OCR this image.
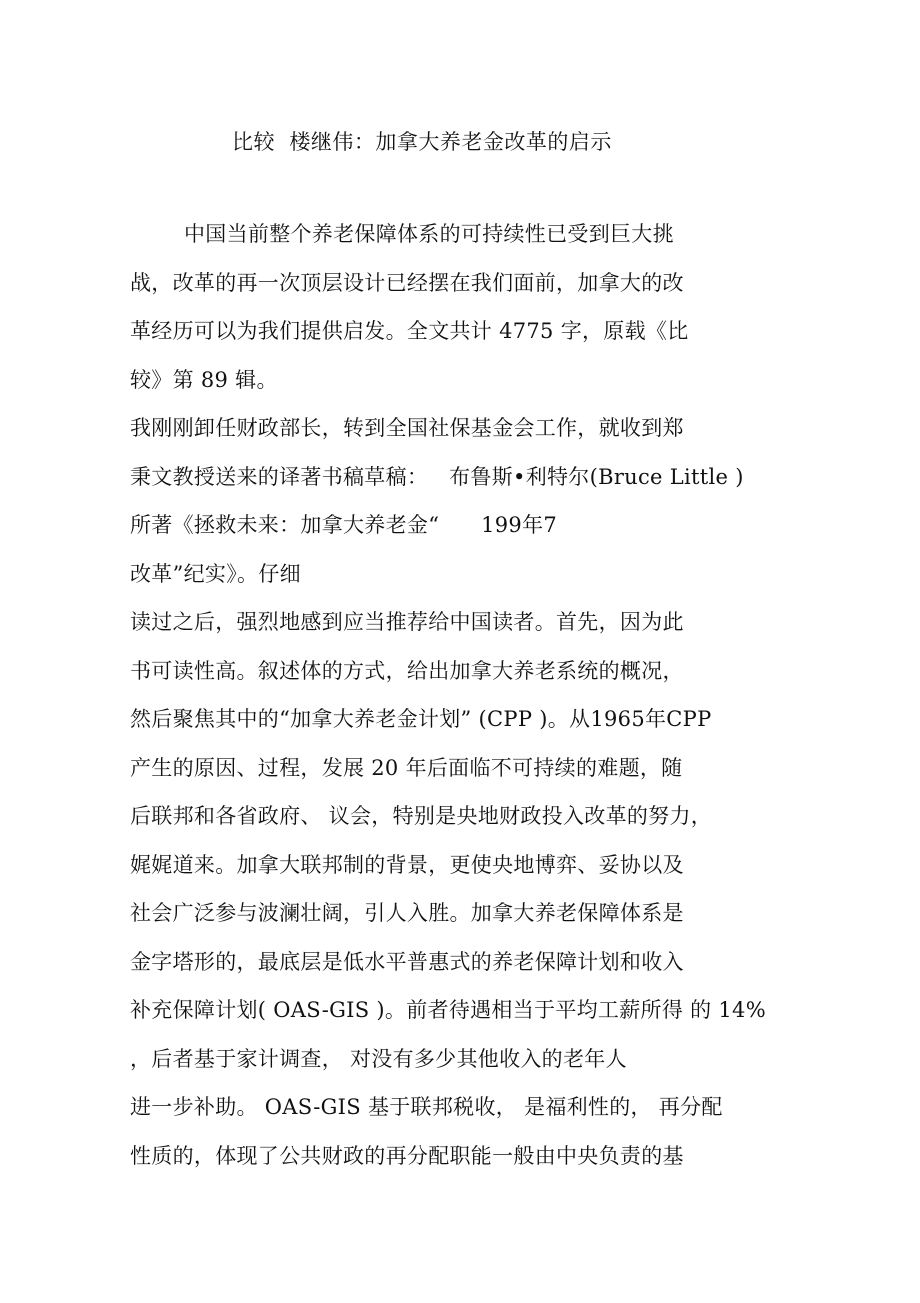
比较  楼继伟：加拿大养老金改革的启示
中国当前整个养老保障体系的可持续性已受到巨大挑
战，改革的再一次顶层设计已经摆在我们面前，加拿大的改
革经历可以为我们提供启发。全文共计 4775 字，原载《比
较》第 89 辑。
我刚刚卸任财政部长，转到全国社保基金会工作，就收到郑
秉文教授送来的译著书稿草稿：   布鲁斯•利特尔(Bruce Little )
所著《拯救未来：加拿大养老金“      199年7
改革”纪实》。仔细
读过之后，强烈地感到应当推荐给中国读者。首先，因为此
书可读性高。叙述体的方式，给出加拿大养老系统的概况，
然后聚焦其中的“加拿大养老金计划” (CPP )。从1965年CPP
产生的原因、过程，发展 20 年后面临不可持续的难题，随
后联邦和各省政府、 议会，特别是央地财政投入改革的努力，
娓娓道来。加拿大联邦制的背景，更使央地博弈、妥协以及
社会广泛参与波澜壮阔，引人入胜。加拿大养老保障体系是
金字塔形的，最底层是低水平普惠式的养老保障计划和收入
补充保障计划( OAS-GIS )。前者待遇相当于平均工薪所得 的 14%
，后者基于家计调查， 对没有多少其他收入的老年人
进一步补助。 OAS-GIS 基于联邦税收， 是福利性的， 再分配
性质的，体现了公共财政的再分配职能一般由中央负责的基
